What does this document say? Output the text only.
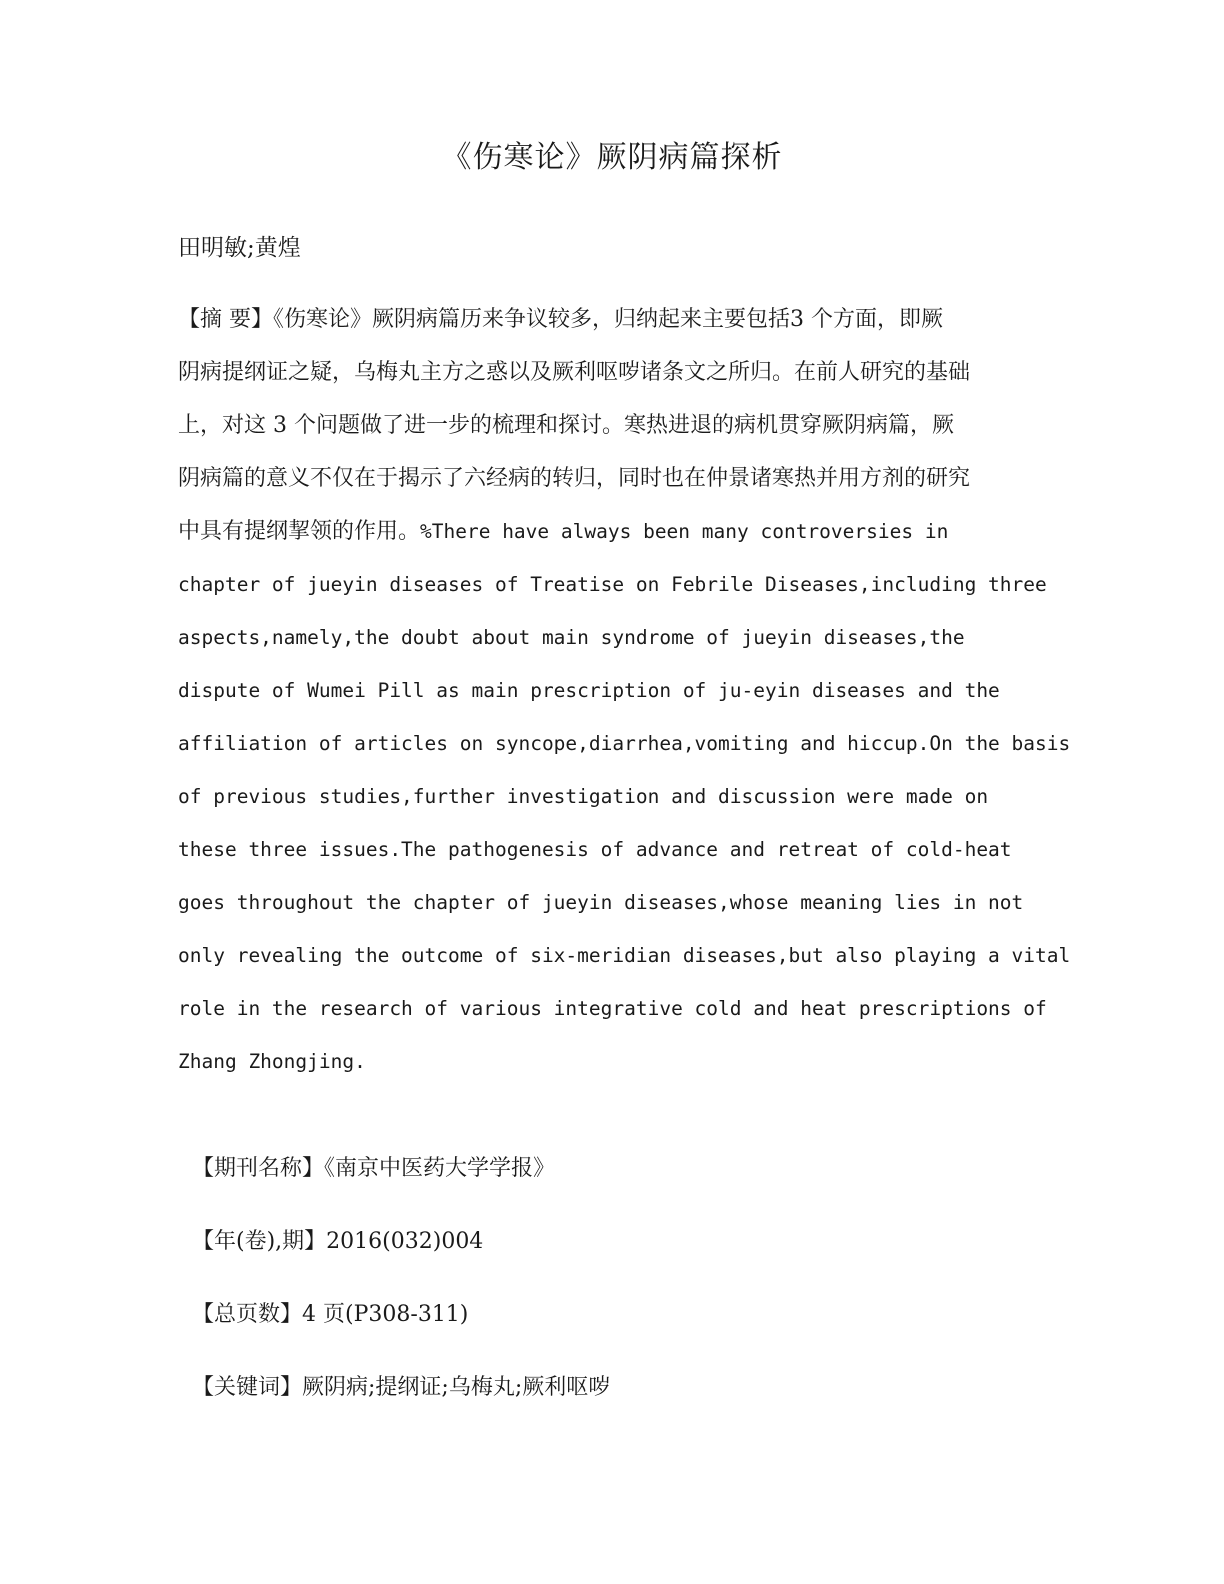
《伤寒论》厥阴病篇探析
田明敏;黄煌
【摘 要】《伤寒论》厥阴病篇历来争议较多，归纳起来主要包括3 个方面，即厥
阴病提纲证之疑，乌梅丸主方之惑以及厥利呕哕诸条文之所归。在前人研究的基础
上，对这 3 个问题做了进一步的梳理和探讨。寒热进退的病机贯穿厥阴病篇，厥
阴病篇的意义不仅在于揭示了六经病的转归，同时也在仲景诸寒热并用方剂的研究
中具有提纲挈领的作用。%There have always been many controversies in
chapter of jueyin diseases of Treatise on Febrile Diseases,including three
aspects,namely,the doubt about main syndrome of jueyin diseases,the
dispute of Wumei Pill as main prescription of ju-eyin diseases and the
affiliation of articles on syncope,diarrhea,vomiting and hiccup.On the basis
of previous studies,further investigation and discussion were made on
these three issues.The pathogenesis of advance and retreat of cold-heat
goes throughout the chapter of jueyin diseases,whose meaning lies in not
only revealing the outcome of six-meridian diseases,but also playing a vital
role in the research of various integrative cold and heat prescriptions of
Zhang Zhongjing.

【期刊名称】《南京中医药大学学报》

【年(卷),期】2016(032)004

【总页数】4 页(P308-311)

【关键词】厥阴病;提纲证;乌梅丸;厥利呕哕
